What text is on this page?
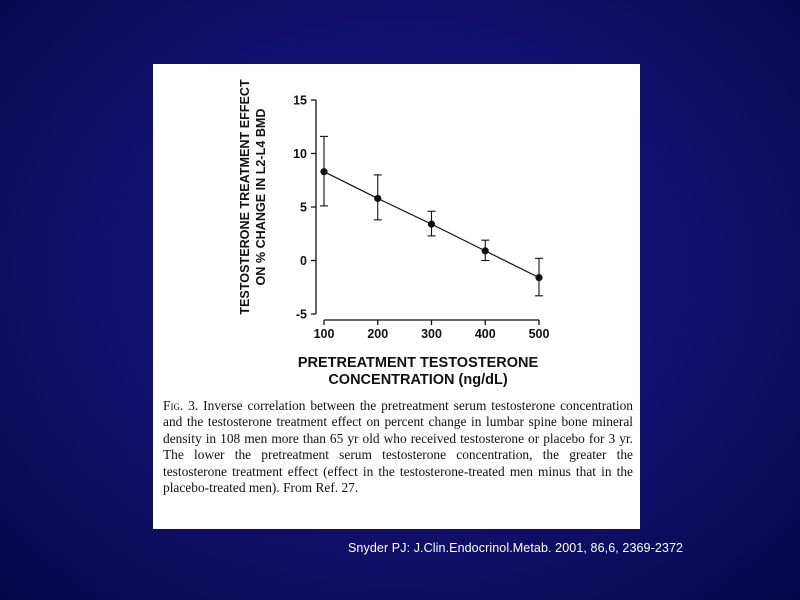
15
10
5
0
-5
100	200	300	400	500
TESTOSTERONE TREATMENT EFFECT ON % CHANGE IN L2-L4 BMD
PRETREATMENT TESTOSTERONE
CONCENTRATION (ng/dL)
Fig. 3. Inverse correlation between the pretreatment serum testosterone concentration and the testosterone treatment effect on percent change in lumbar spine bone mineral density in 108 men more than 65 yr old who received testosterone or placebo for 3 yr. The lower the pretreatment serum testosterone concentration, the greater the testosterone treatment effect (effect in the testosterone-treated men minus that in the placebo-treated men). From Ref. 27.
Snyder PJ: J.Clin.Endocrinol.Metab. 2001, 86,6, 2369-2372
